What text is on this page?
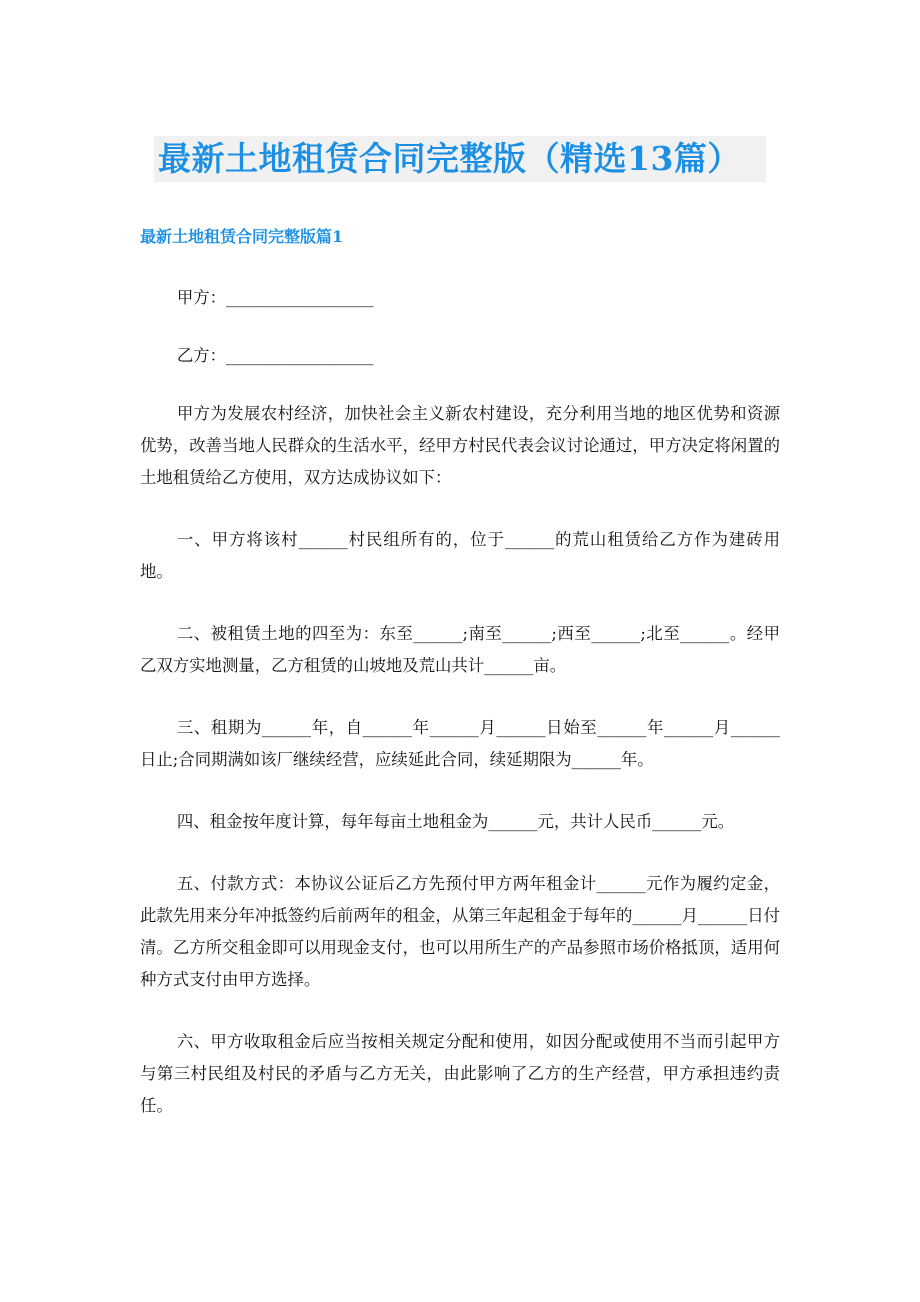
最新土地租赁合同完整版（精选13篇）
最新土地租赁合同完整版篇1

甲方：__________________

乙方：__________________

甲方为发展农村经济，加快社会主义新农村建设，充分利用当地的地区优势和资源优势，改善当地人民群众的生活水平，经甲方村民代表会议讨论通过，甲方决定将闲置的土地租赁给乙方使用，双方达成协议如下：

一、甲方将该村______村民组所有的，位于______的荒山租赁给乙方作为建砖用地。

二、被租赁土地的四至为：东至______;南至______;西至______;北至______。经甲乙双方实地测量，乙方租赁的山坡地及荒山共计______亩。

三、租期为______年，自______年______月______日始至______年______月______日止;合同期满如该厂继续经营，应续延此合同，续延期限为______年。

四、租金按年度计算，每年每亩土地租金为______元，共计人民币______元。

五、付款方式：本协议公证后乙方先预付甲方两年租金计______元作为履约定金，此款先用来分年冲抵签约后前两年的租金，从第三年起租金于每年的______月______日付清。乙方所交租金即可以用现金支付，也可以用所生产的产品参照市场价格抵顶，适用何种方式支付由甲方选择。

六、甲方收取租金后应当按相关规定分配和使用，如因分配或使用不当而引起甲方与第三村民组及村民的矛盾与乙方无关，由此影响了乙方的生产经营，甲方承担违约责任。
